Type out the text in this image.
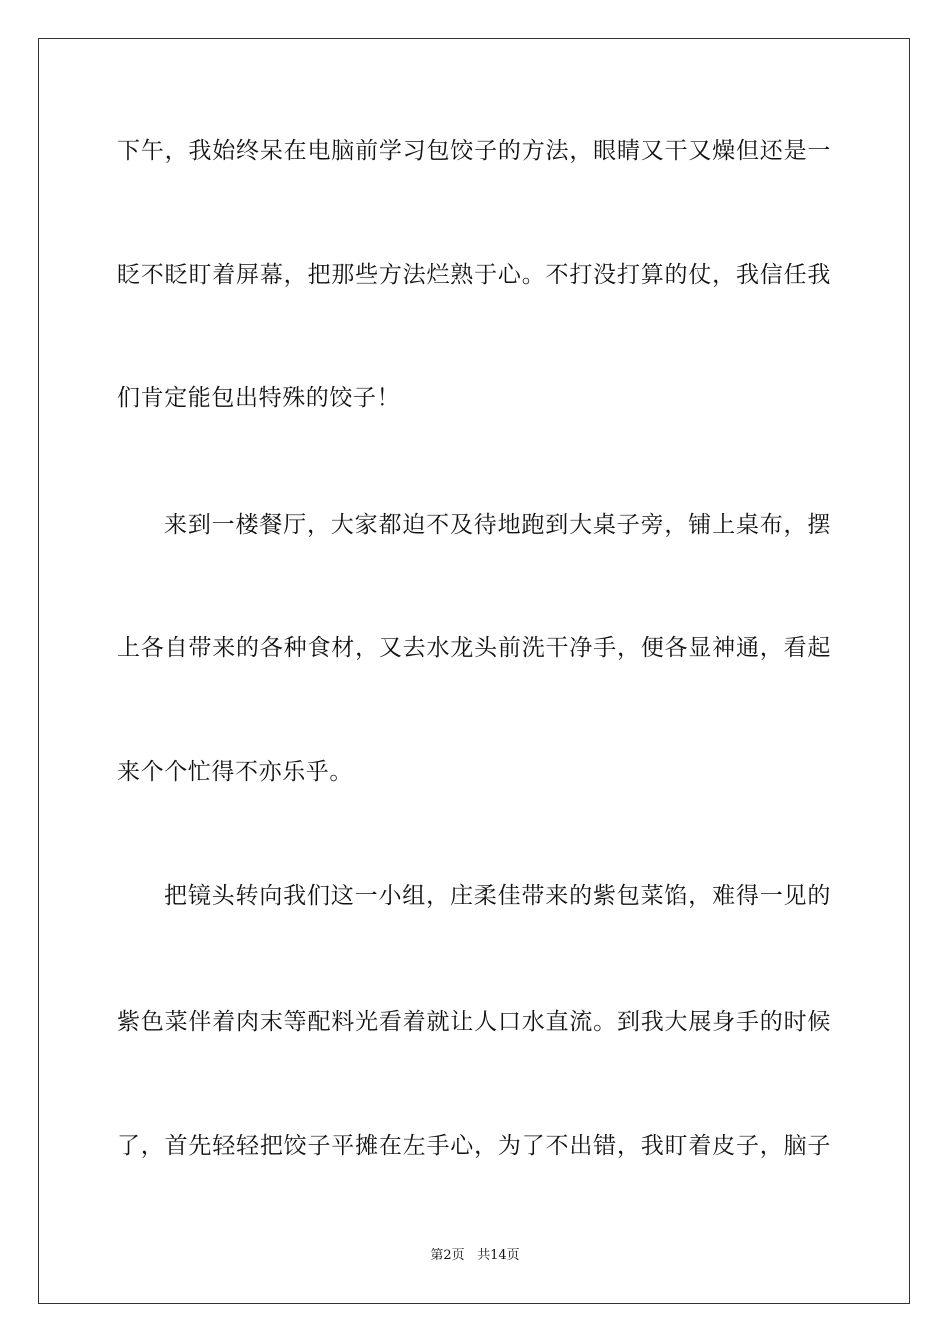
下午，我始终呆在电脑前学习包饺子的方法，眼睛又干又燥但还是一
眨不眨盯着屏幕，把那些方法烂熟于心。不打没打算的仗，我信任我
们肯定能包出特殊的饺子！
来到一楼餐厅，大家都迫不及待地跑到大桌子旁，铺上桌布，摆
上各自带来的各种食材，又去水龙头前洗干净手，便各显神通，看起
来个个忙得不亦乐乎。
把镜头转向我们这一小组，庄柔佳带来的紫包菜馅，难得一见的
紫色菜伴着肉末等配料光看着就让人口水直流。到我大展身手的时候
了，首先轻轻把饺子平摊在左手心，为了不出错，我盯着皮子，脑子
第2页 共14页
